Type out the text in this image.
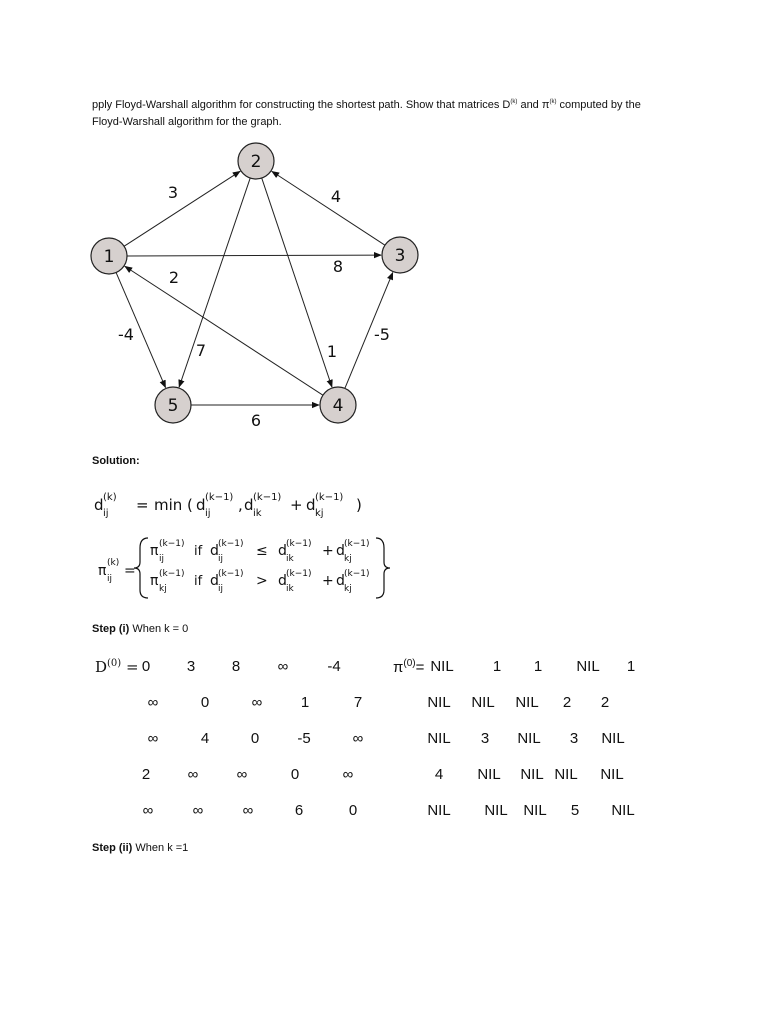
pply Floyd-Warshall algorithm for constructing the shortest path. Show that matrices $D^{(k)}$ and $\pi^{(k)}$ computed by the
Floyd-Warshall algorithm for the graph.
1
2
3
4
5
3	4
8
2
-4
7	1
-5
6
Solution:
d (k)
ij = min ( d (k−1)
ij , d (k−1)
ik + d (k−1)
kj )
π (k)
ij =
π (k−1)
ij if d (k−1)
ij ≤ d (k−1)
ik + d (k−1)
kj
π (k−1)
kj if d (k−1)
ij > d (k−1)
ik + d (k−1)
kj
Step (i) When k = 0
$D^{(0)}$ =	$\pi^{(0)}=$
0	3	8	∞	-4
∞	0	∞	1	7
∞	4	0	-5	∞
2	∞	∞	0	∞
∞	∞	∞	6	0
NIL	1	1	NIL	1
NIL	NIL	NIL	2	2
NIL	3	NIL	3	NIL
4	NIL	NIL NIL	NIL
NIL	NIL	NIL	5	NIL
Step (ii) When k =1
